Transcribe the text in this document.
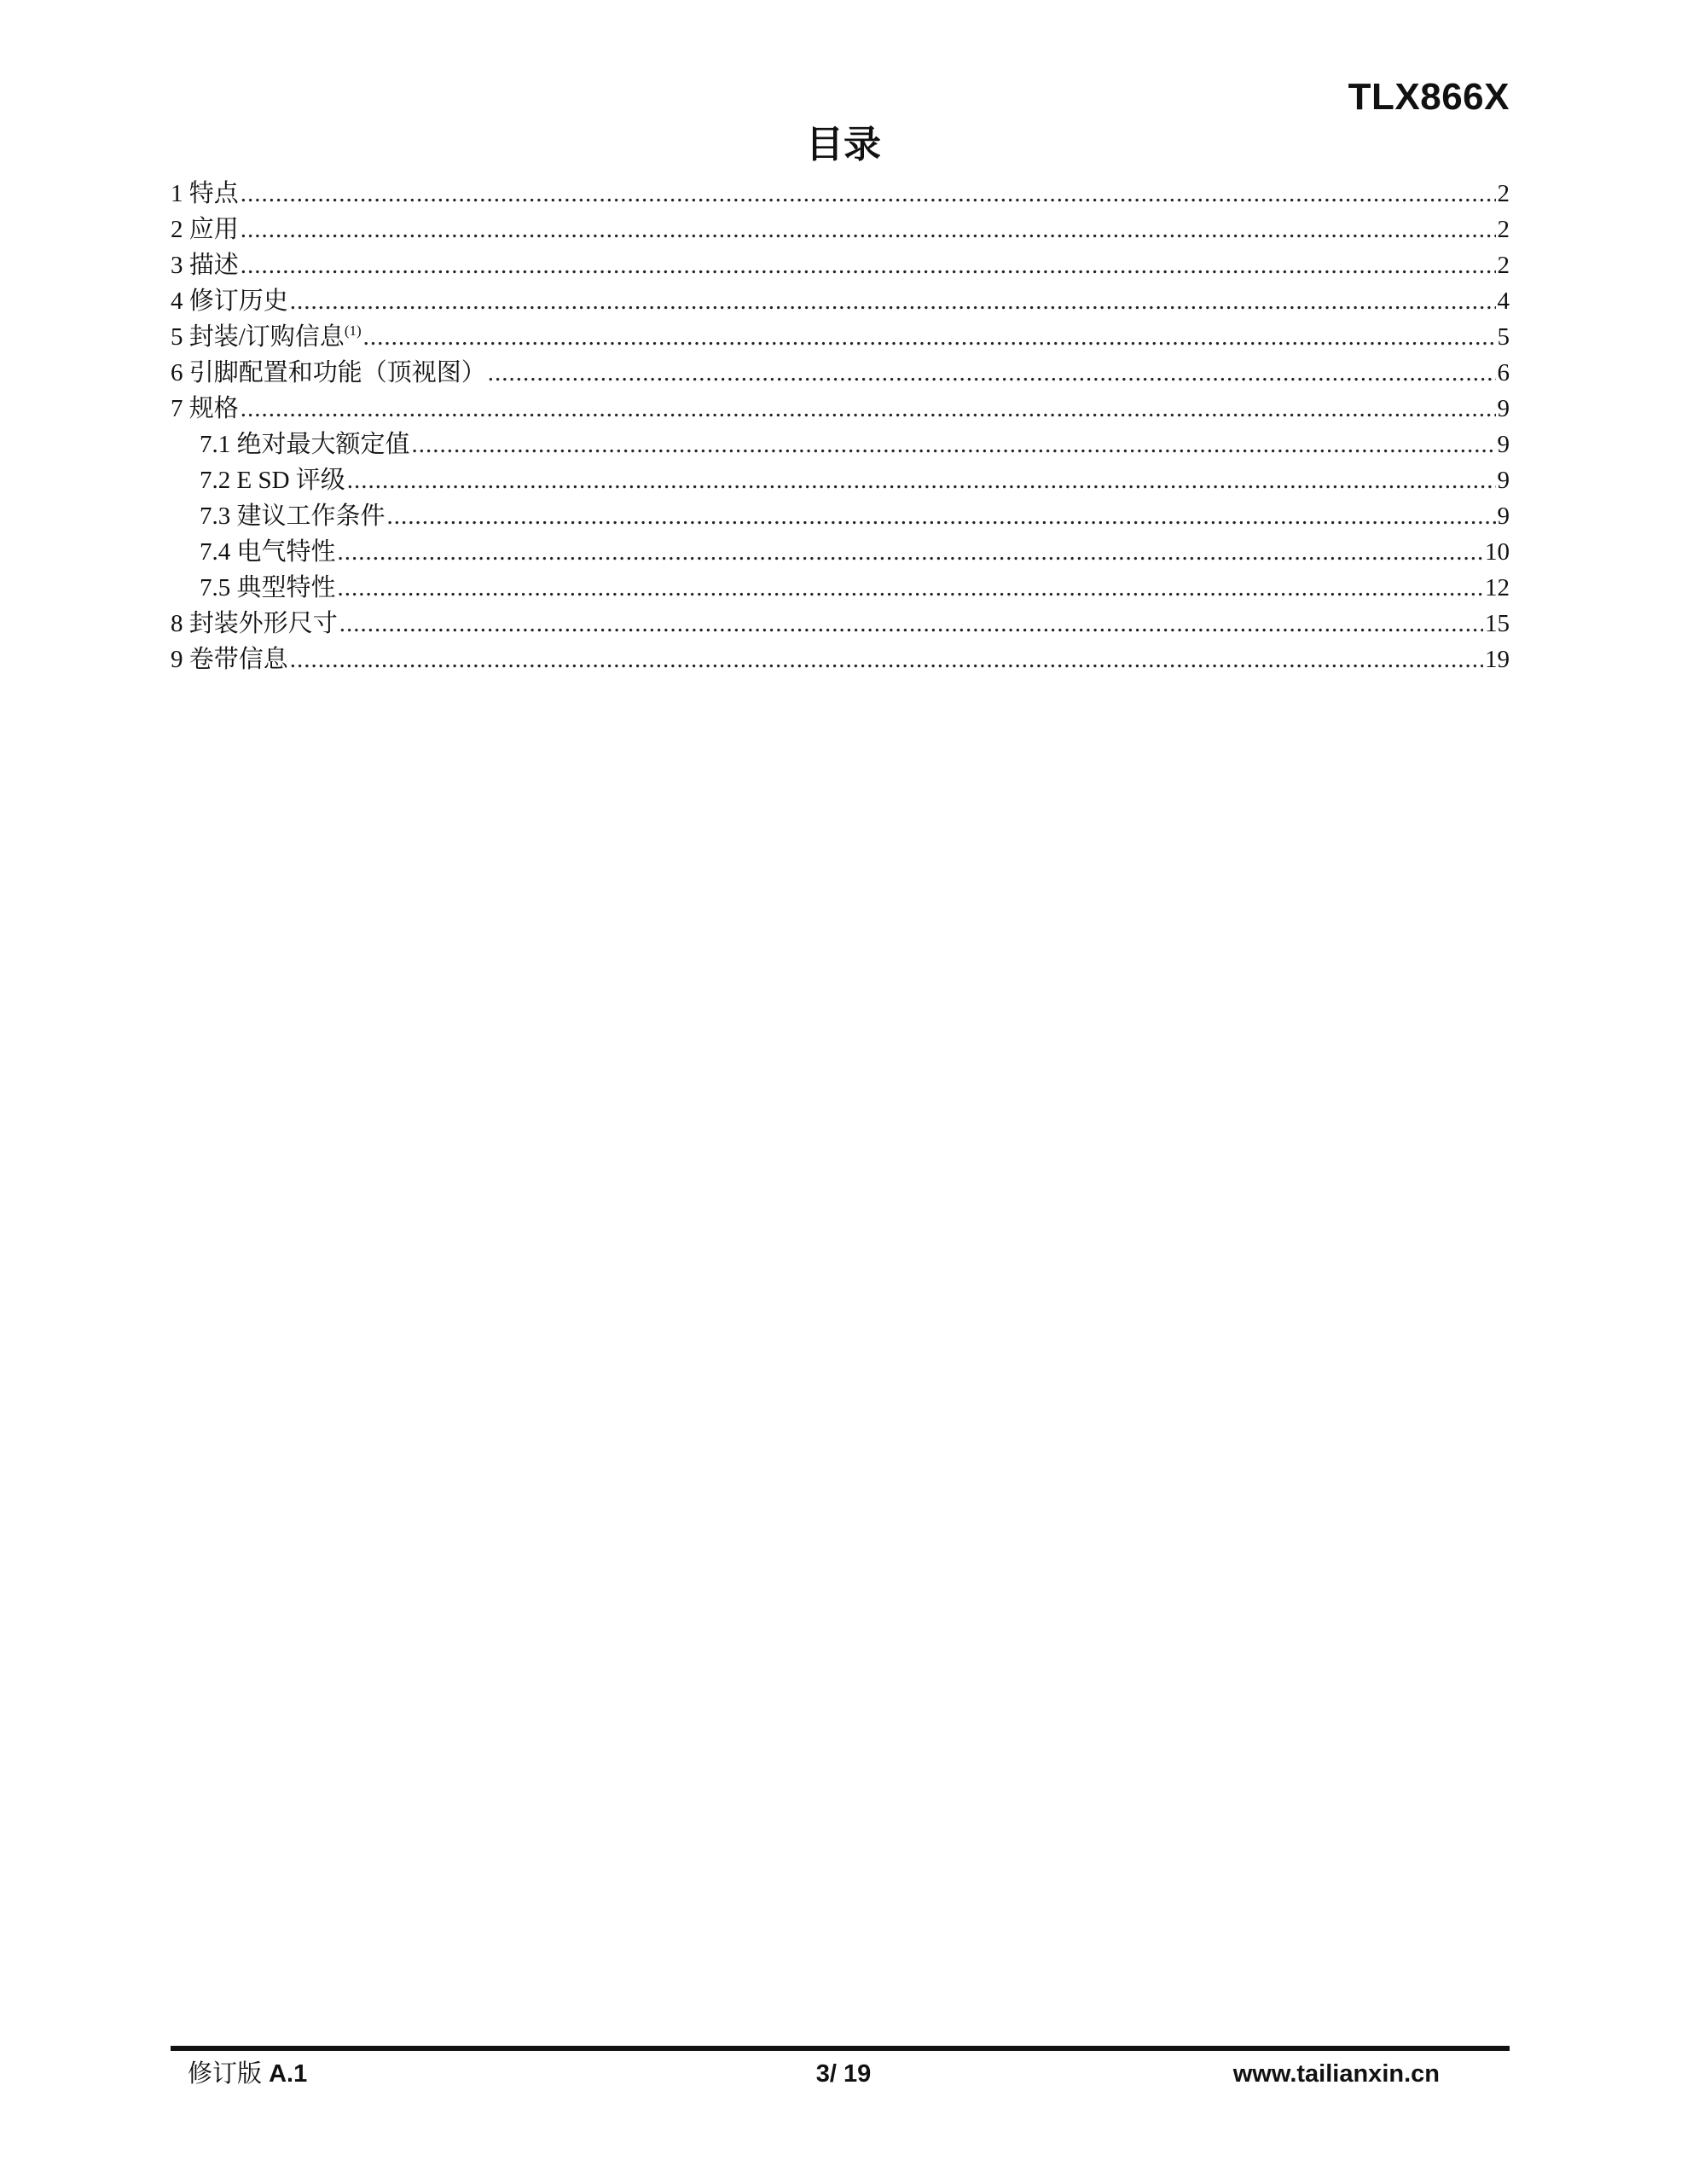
TLX866X
目录
1 特点 .....	2
2 应用 .....	2
3 描述 .....	2
4 修订历史 .....	4
5 封装/订购信息$^{(1)}$ .....	5
6 引脚配置和功能（顶视图） .....	6
7 规格 .....	9
7.1 绝对最大额定值 .....	9
7.2 E SD 评级 .....	9
7.3 建议工作条件 .....	9
7.4 电气特性 .....	10
7.5 典型特性 .....	12
8 封装外形尺寸 .....	15
9 卷带信息 .....	19
修订版 A.1	3/ 19	www.tailianxin.cn
